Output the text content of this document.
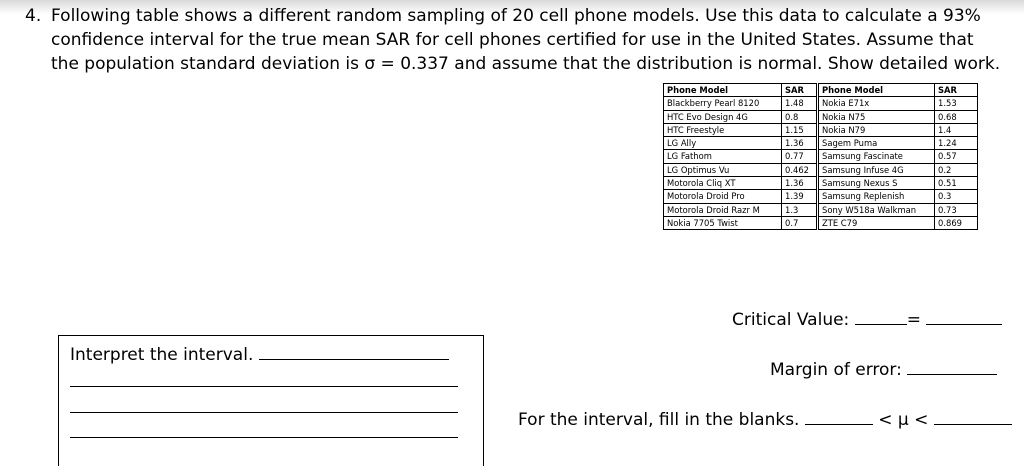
4. Following table shows a different random sampling of 20 cell phone models. Use this data to calculate a 93%
confidence interval for the true mean SAR for cell phones certified for use in the United States. Assume that
the population standard deviation is σ = 0.337 and assume that the distribution is normal. Show detailed work.
Phone Model	SAR		Phone Model	SAR
Blackberry Pearl 8120	1.48		Nokia E71x	1.53
HTC Evo Design 4G	0.8		Nokia N75	0.68
HTC Freestyle	1.15		Nokia N79	1.4
LG Ally	1.36		Sagem Puma	1.24
LG Fathom	0.77		Samsung Fascinate	0.57
LG Optimus Vu	0.462		Samsung Infuse 4G	0.2
Motorola Cliq XT	1.36		Samsung Nexus S	0.51
Motorola Droid Pro	1.39		Samsung Replenish	0.3
Motorola Droid Razr M	1.3		Sony W518a Walkman	0.73
Nokia 7705 Twist	0.7		ZTE C79	0.869
Critical Value:	=
Margin of error:
Interpret the interval.
For the interval, fill in the blanks.	< μ <
